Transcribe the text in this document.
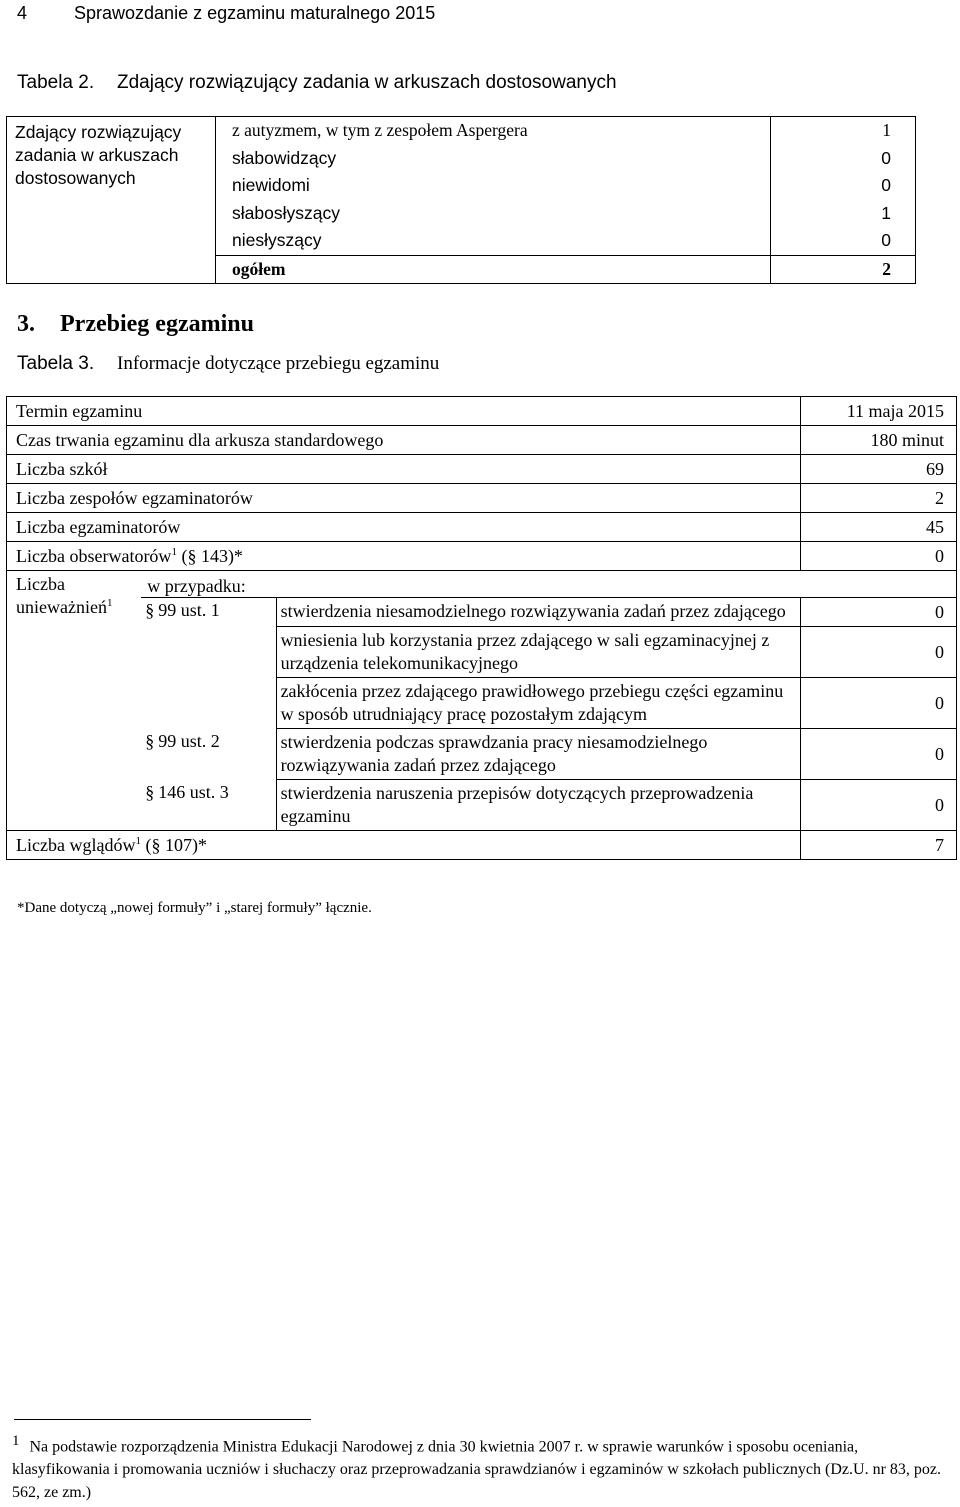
4	Sprawozdanie z egzaminu maturalnego 2015
Tabela 2. Zdający rozwiązujący zadania w arkuszach dostosowanych
Zdający rozwiązujący zadania w arkuszach dostosowanych	z autyzmem, w tym z zespołem Aspergera	1
	słabowidzący	0
	niewidomi	0
	słabosłyszący	1
	niesłyszący	0
	ogółem	2
3. Przebieg egzaminu
Tabela 3. Informacje dotyczące przebiegu egzaminu
Termin egzaminu			11 maja 2015
Czas trwania egzaminu dla arkusza standardowego			180 minut
Liczba szkół			69
Liczba zespołów egzaminatorów			2
Liczba egzaminatorów			45
Liczba obserwatorów$^1$ (§ 143)*			0

Liczba unieważnień$^1$	w przypadku:		
	§ 99 ust. 1	stwierdzenia niesamodzielnego rozwiązywania zadań przez zdającego	0
		wniesienia lub korzystania przez zdającego w sali egzaminacyjnej z urządzenia telekomunikacyjnego	0
		zakłócenia przez zdającego prawidłowego przebiegu części egzaminu w sposób utrudniający pracę pozostałym zdającym	0
	§ 99 ust. 2	stwierdzenia podczas sprawdzania pracy niesamodzielnego rozwiązywania zadań przez zdającego	0
	§ 146 ust. 3	stwierdzenia naruszenia przepisów dotyczących przeprowadzenia egzaminu	0
Liczba wglądów$^1$ (§ 107)*			7
*Dane dotyczą „nowej formuły” i „starej formuły” łącznie.
1 Na podstawie rozporządzenia Ministra Edukacji Narodowej z dnia 30 kwietnia 2007 r. w sprawie warunków i sposobu oceniania, klasyfikowania i promowania uczniów i słuchaczy oraz przeprowadzania sprawdzianów i egzaminów w szkołach publicznych (Dz.U. nr 83, poz. 562, ze zm.)
